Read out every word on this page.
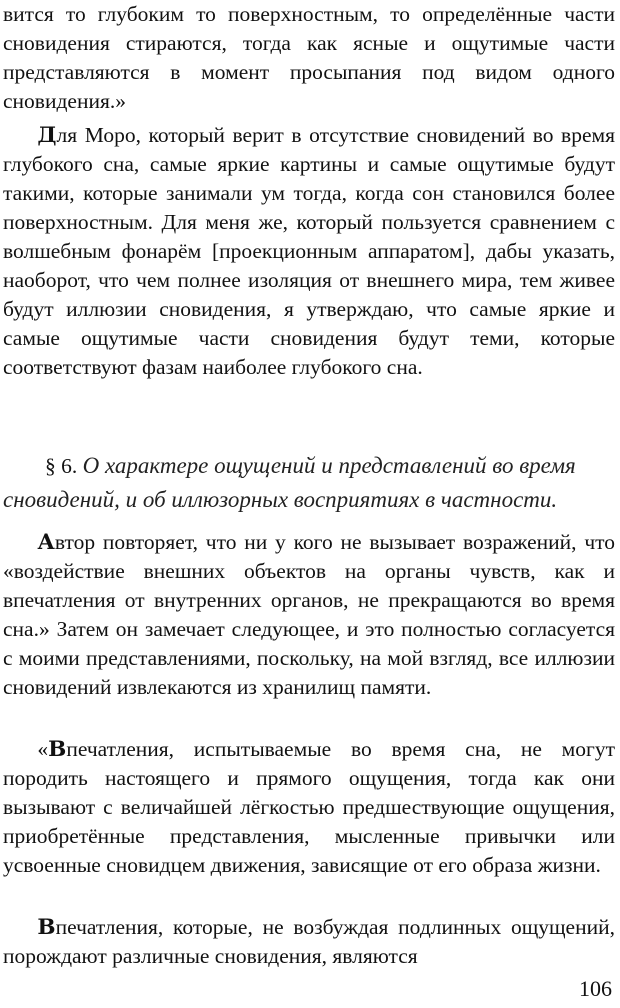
вится то глубоким то поверхностным, то определённые части сновидения стираются, тогда как ясные и ощутимые части представляются в момент просыпания под видом одного сновидения.»

Для Моро, который верит в отсутствие сновидений во время глубокого сна, самые яркие картины и самые ощутимые будут такими, которые занимали ум тогда, когда сон становился более поверхностным. Для меня же, который пользуется сравнением с волшебным фонарём [проекционным аппаратом], дабы указать, наоборот, что чем полнее изоляция от внешнего мира, тем живее будут иллюзии сновидения, я утверждаю, что самые яркие и самые ощутимые части сновидения будут теми, которые соответствуют фазам наиболее глубокого сна.

§ 6. О характере ощущений и представлений во время
сновидений, и об иллюзорных восприятиях в частности.

Автор повторяет, что ни у кого не вызывает возражений, что «воздействие внешних объектов на органы чувств, как и впечатления от внутренних органов, не прекращаются во время сна.» Затем он замечает следующее, и это полностью согласуется с моими представлениями, поскольку, на мой взгляд, все иллюзии сновидений извлекаются из хранилищ памяти.

«Впечатления, испытываемые во время сна, не могут породить настоящего и прямого ощущения, тогда как они вызывают с величайшей лёгкостью предшествующие ощущения, приобретённые представления, мысленные привычки или усвоенные сновидцем движения, зависящие от его образа жизни.

Впечатления, которые, не возбуждая подлинных ощущений, порождают различные сновидения, являются

106
